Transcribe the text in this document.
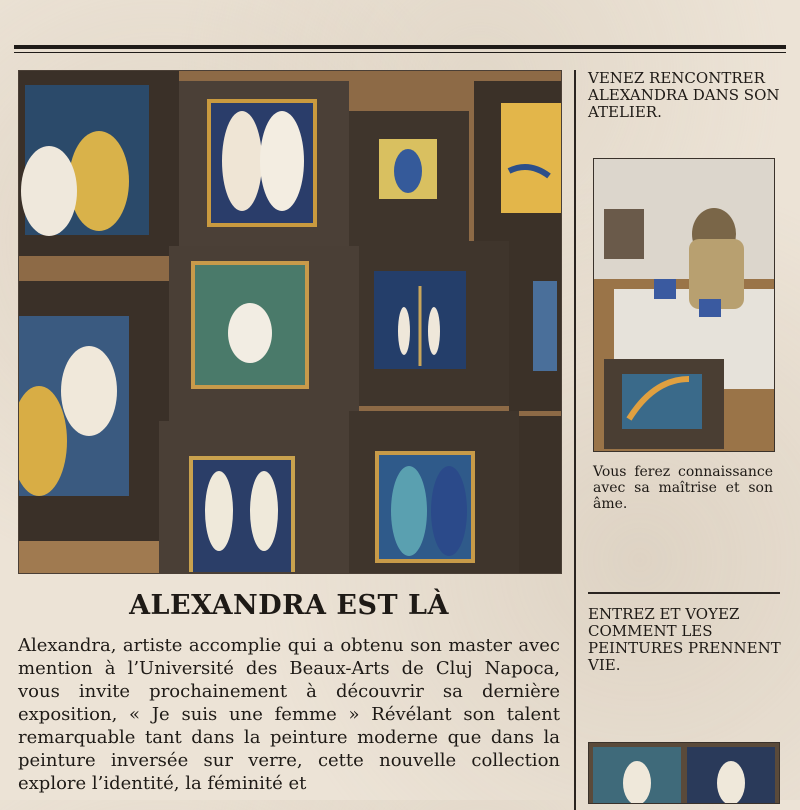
ALEXANDRA EST LÀ

Alexandra, artiste accomplie qui a obtenu son master avec mention à l’Université des Beaux-Arts de Cluj Napoca, vous invite prochainement à découvrir sa dernière exposition, « Je suis une femme » Révélant son talent remarquable tant dans la peinture moderne que dans la peinture inversée sur verre, cette nouvelle collection explore l’identité, la féminité et

VENEZ RENCONTRER ALEXANDRA DANS SON ATELIER.

Vous ferez connaissance avec sa maîtrise et son âme.

ENTREZ ET VOYEZ COMMENT LES PEINTURES PRENNENT VIE.
